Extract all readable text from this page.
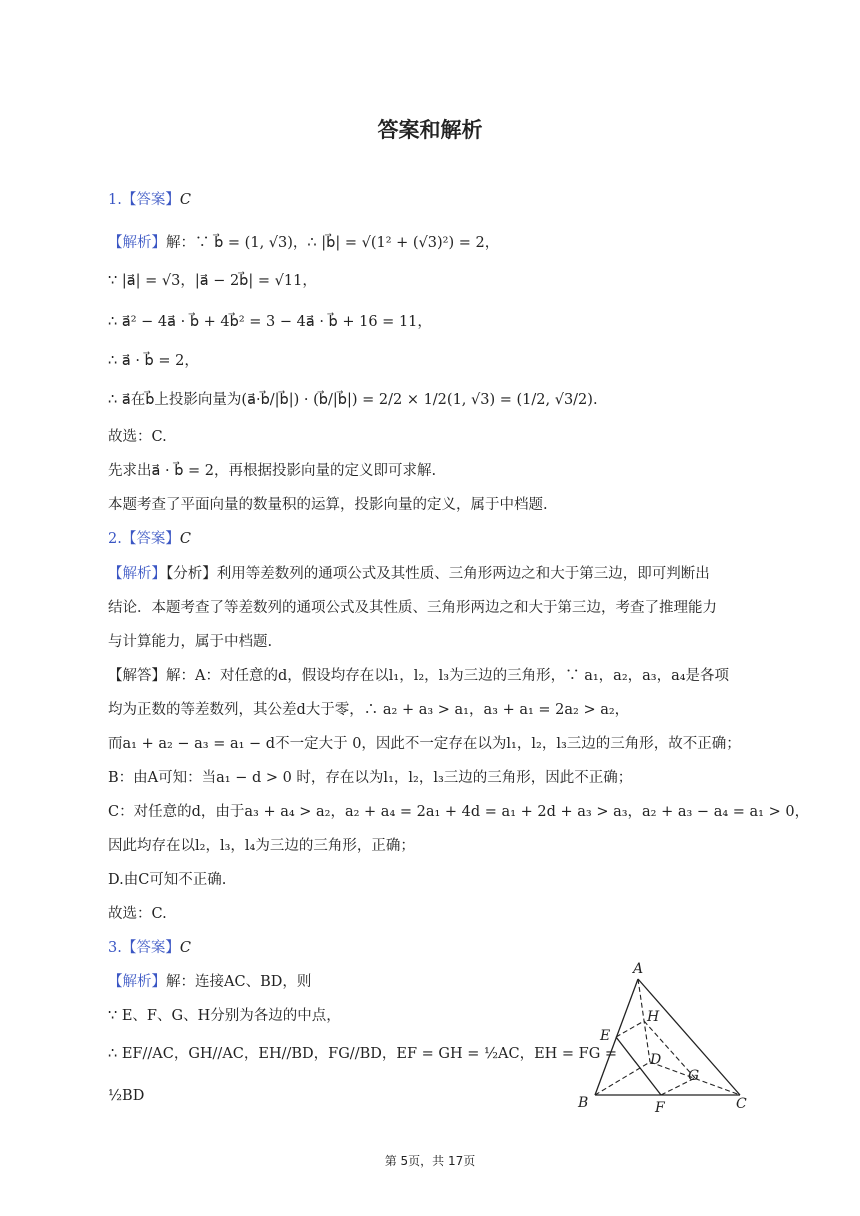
答案和解析
1.【答案】C
【解析】解：∵ b⃗ = (1, √3)，∴ |b⃗| = √(1² + (√3)²) = 2，
∵ |a⃗| = √3，|a⃗ − 2b⃗| = √11，
∴ a⃗² − 4a⃗ · b⃗ + 4b⃗² = 3 − 4a⃗ · b⃗ + 16 = 11，
∴ a⃗ · b⃗ = 2，
∴ a⃗在b⃗上投影向量为(a⃗·b⃗/|b⃗|) · (b⃗/|b⃗|) = 2/2 × 1/2(1, √3) = (1/2, √3/2).
故选：C.
先求出a⃗ · b⃗ = 2，再根据投影向量的定义即可求解.
本题考查了平面向量的数量积的运算，投影向量的定义，属于中档题.
2.【答案】C
【解析】【分析】利用等差数列的通项公式及其性质、三角形两边之和大于第三边，即可判断出
结论．本题考查了等差数列的通项公式及其性质、三角形两边之和大于第三边，考查了推理能力
与计算能力，属于中档题.
【解答】解：A：对任意的d，假设均存在以l₁，l₂，l₃为三边的三角形，∵ a₁，a₂，a₃，a₄是各项
均为正数的等差数列，其公差d大于零，∴ a₂ + a₃ > a₁，a₃ + a₁ = 2a₂ > a₂，
而a₁ + a₂ − a₃ = a₁ − d不一定大于 0，因此不一定存在以为l₁，l₂，l₃三边的三角形，故不正确；
B：由A可知：当a₁ − d > 0 时，存在以为l₁，l₂，l₃三边的三角形，因此不正确；
C：对任意的d，由于a₃ + a₄ > a₂，a₂ + a₄ = 2a₁ + 4d = a₁ + 2d + a₃ > a₃，a₂ + a₃ − a₄ = a₁ > 0，
因此均存在以l₂，l₃，l₄为三边的三角形，正确；
D.由C可知不正确.
故选：C.
3.【答案】C
【解析】解：连接AC、BD，则
∵ E、F、G、H分别为各边的中点，
∴ EF//AC，GH//AC，EH//BD，FG//BD，EF = GH = ½AC，EH = FG =
½BD
A
B	C
D
E
F
G
H
第 5页，共 17页
